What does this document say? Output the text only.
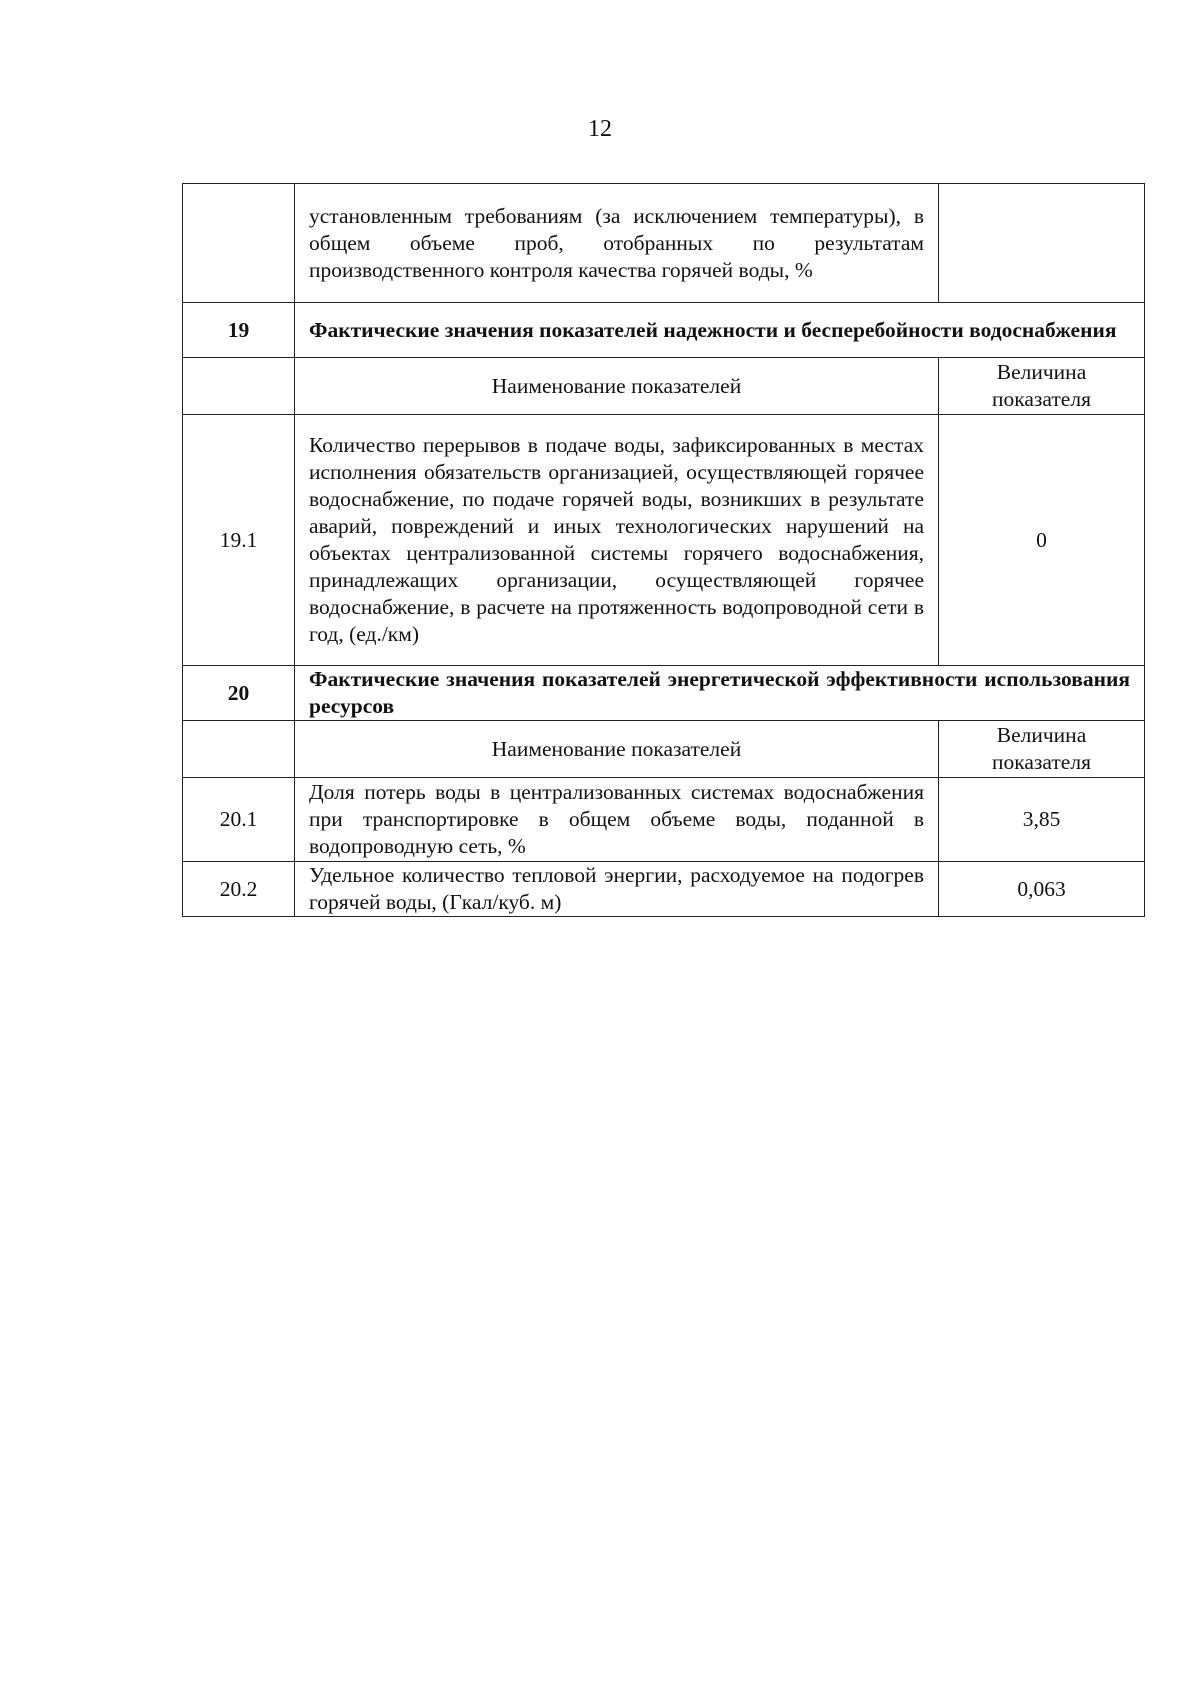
12
	установленным требованиям (за исключением температуры), в общем объеме проб, отобранных по результатам производственного контроля качества горячей воды, %	
19	Фактические значения показателей надежности и бесперебойности водоснабжения	
	Наименование показателей	Величина показателя
19.1	Количество перерывов в подаче воды, зафиксированных в местах исполнения обязательств организацией, осуществляющей горячее водоснабжение, по подаче горячей воды, возникших в результате аварий, повреждений и иных технологических нарушений на объектах централизованной системы горячего водоснабжения, принадлежащих организации, осуществляющей горячее водоснабжение, в расчете на протяженность водопроводной сети в год, (ед./км)	0
20	Фактические значения показателей энергетической эффективности использования ресурсов	
	Наименование показателей	Величина показателя
20.1	Доля потерь воды в централизованных системах водоснабжения при транспортировке в общем объеме воды, поданной в водопроводную сеть, %	3,85
20.2	Удельное количество тепловой энергии, расходуемое на подогрев горячей воды, (Гкал/куб. м)	0,063
